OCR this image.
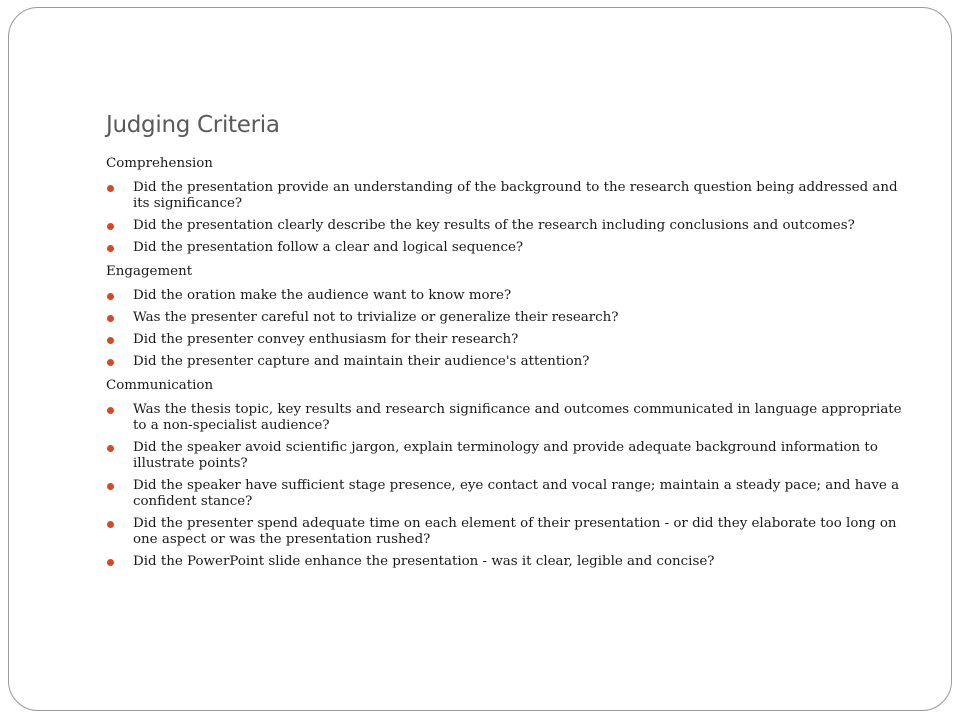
Judging Criteria
Comprehension
Did the presentation provide an understanding of the background to the research question being addressed and its significance?
Did the presentation clearly describe the key results of the research including conclusions and outcomes?
Did the presentation follow a clear and logical sequence?
Engagement
Did the oration make the audience want to know more?
Was the presenter careful not to trivialize or generalize their research?
Did the presenter convey enthusiasm for their research?
Did the presenter capture and maintain their audience's attention?
Communication
Was the thesis topic, key results and research significance and outcomes communicated in language appropriate to a non-specialist audience?
Did the speaker avoid scientific jargon, explain terminology and provide adequate background information to illustrate points?
Did the speaker have sufficient stage presence, eye contact and vocal range; maintain a steady pace; and have a confident stance?
Did the presenter spend adequate time on each element of their presentation - or did they elaborate too long on one aspect or was the presentation rushed?
Did the PowerPoint slide enhance the presentation - was it clear, legible and concise?
